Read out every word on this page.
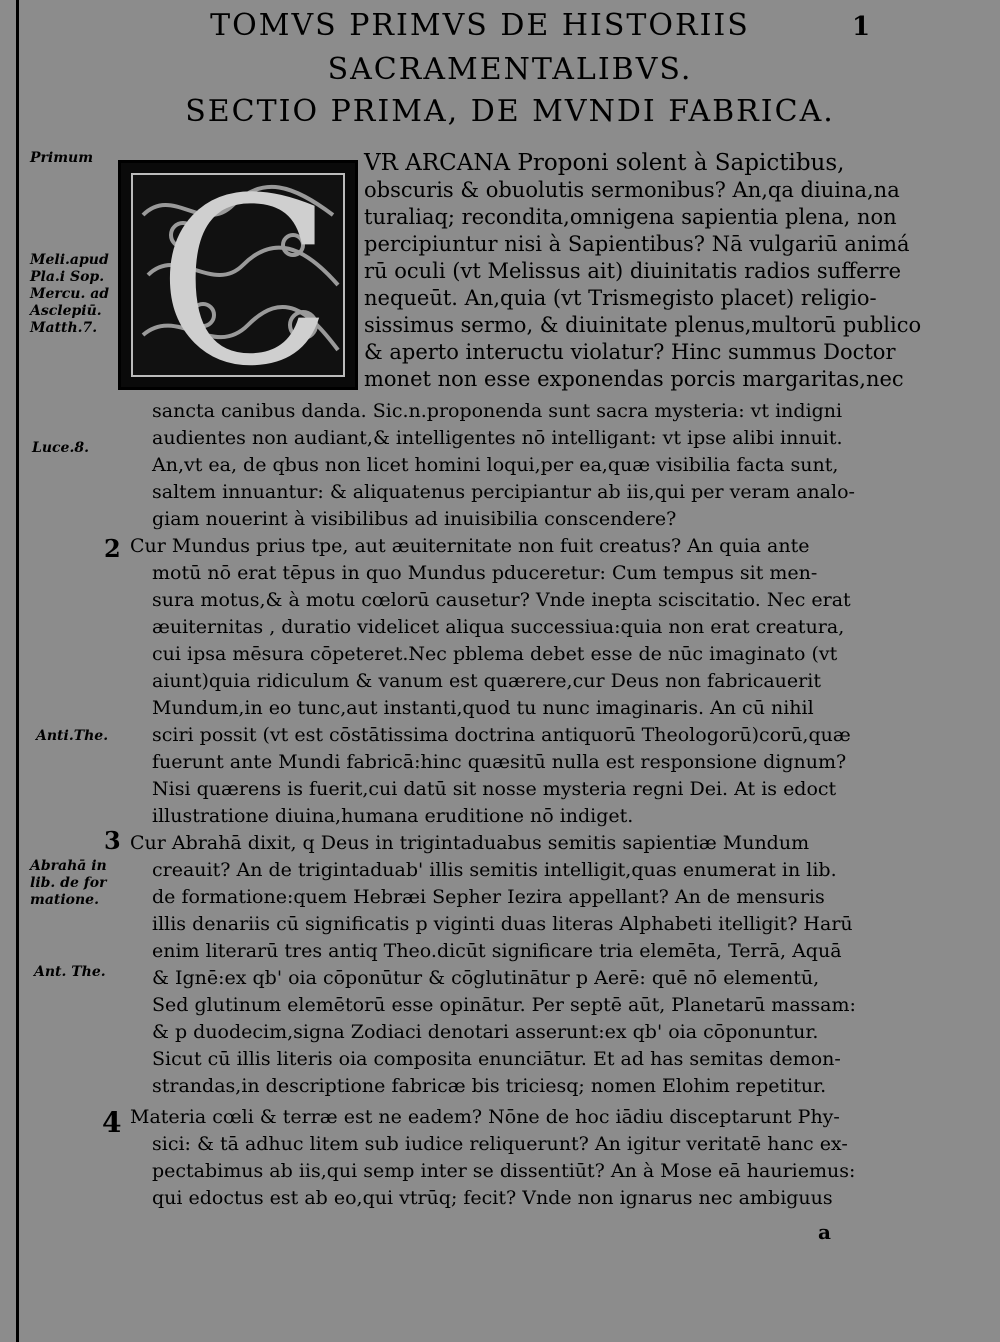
TOMVS PRIMVS DE HISTORIIS
SACRAMENTALIBVS.
SECTIO PRIMA, DE MVNDI FABRICA.
1
C
Primum
Meli.apud
Pla.i Sop.
Mercu. ad
Asclepiū.
Matth.7.
Luce.8.
Anti.The.
Abrahā in
lib. de for
matione.
Ant. The.
2
3
4
VR ARCANA Proponi solent à Sapictibus,
obscuris & obuolutis sermonibus? An,qa diuina,na
turaliaq; recondita,omnigena sapientia plena, non
percipiuntur nisi à Sapientibus? Nā vulgariū animá
rū oculi (vt Melissus ait) diuinitatis radios sufferre
nequeūt. An,quia (vt Trismegisto placet) religio-
sissimus sermo, & diuinitate plenus,multorū publico
& aperto inteructu violatur? Hinc summus Doctor
monet non esse exponendas porcis margaritas,nec
sancta canibus danda. Sic.n.proponenda sunt sacra mysteria: vt indigni
audientes non audiant,& intelligentes nō intelligant: vt ipse alibi innuit.
An,vt ea, de qbus non licet homini loqui,per ea,quæ visibilia facta sunt,
saltem innuantur: & aliquatenus percipiantur ab iis,qui per veram analo-
giam nouerint à visibilibus ad inuisibilia conscendere?
Cur Mundus prius tpe, aut æuiternitate non fuit creatus? An quia ante
motū nō erat tēpus in quo Mundus pduceretur: Cum tempus sit men-
sura motus,& à motu cœlorū causetur? Vnde inepta sciscitatio. Nec erat
æuiternitas , duratio videlicet aliqua successiua:quia non erat creatura,
cui ipsa mēsura cōpeteret.Nec pblema debet esse de nūc imaginato (vt
aiunt)quia ridiculum & vanum est quærere,cur Deus non fabricauerit
Mundum,in eo tunc,aut instanti,quod tu nunc imaginaris. An cū nihil
sciri possit (vt est cōstātissima doctrina antiquorū Theologorū)corū,quæ
fuerunt ante Mundi fabricā:hinc quæsitū nulla est responsione dignum?
Nisi quærens is fuerit,cui datū sit nosse mysteria regni Dei. At is edoct
illustratione diuina,humana eruditione nō indiget.
Cur Abrahā dixit, q Deus in trigintaduabus semitis sapientiæ Mundum
creauit? An de trigintaduab' illis semitis intelligit,quas enumerat in lib.
de formatione:quem Hebræi Sepher Iezira appellant? An de mensuris
illis denariis cū significatis p viginti duas literas Alphabeti itelligit? Harū
enim literarū tres antiq Theo.dicūt significare tria elemēta, Terrā, Aquā
& Ignē:ex qb' oia cōponūtur & cōglutinātur p Aerē: quē nō elementū,
Sed glutinum elemētorū esse opinātur. Per septē aūt, Planetarū massam:
& p duodecim,signa Zodiaci denotari asserunt:ex qb' oia cōponuntur.
Sicut cū illis literis oia composita enunciātur. Et ad has semitas demon-
strandas,in descriptione fabricæ bis triciesq; nomen Elohim repetitur.
Materia cœli & terræ est ne eadem? Nōne de hoc iādiu disceptarunt Phy-
sici: & tā adhuc litem sub iudice reliquerunt? An igitur veritatē hanc ex-
pectabimus ab iis,qui semp inter se dissentiūt? An à Mose eā hauriemus:
qui edoctus est ab eo,qui vtrūq; fecit? Vnde non ignarus nec ambiguus
a
